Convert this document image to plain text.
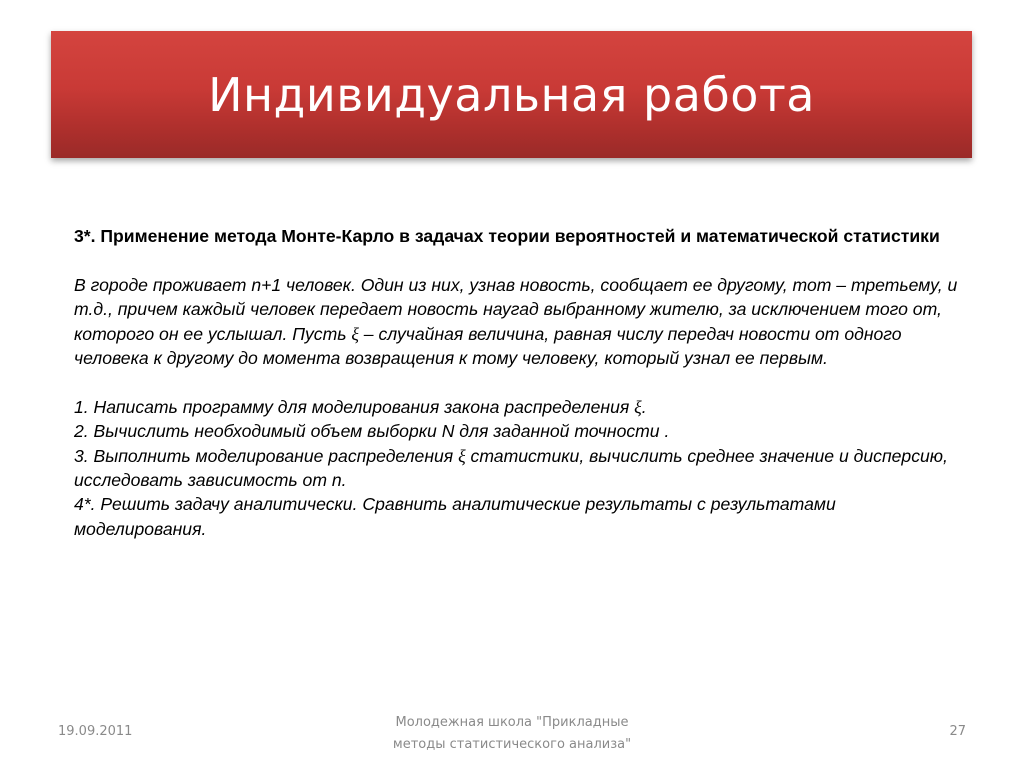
Индивидуальная работа
3*. Применение метода Монте-Карло в задачах теории вероятностей и математической статистики
В городе проживает n+1 человек. Один из них, узнав новость, сообщает ее другому, тот – третьему, и т.д., причем каждый человек передает новость наугад выбранному жителю, за исключением того от, которого он ее услышал. Пусть ξ – случайная величина, равная числу передач новости от одного человека к другому до момента возвращения к тому человеку, который узнал ее первым.
1. Написать программу для моделирования закона распределения ξ.
2. Вычислить необходимый объем выборки N для заданной точности .
3. Выполнить моделирование распределения ξ статистики, вычислить среднее значение и дисперсию, исследовать зависимость от n.
4*. Решить задачу аналитически. Сравнить аналитические результаты с результатами моделирования.
19.09.2011
Молодежная школа "Прикладные
методы статистического анализа"
27
